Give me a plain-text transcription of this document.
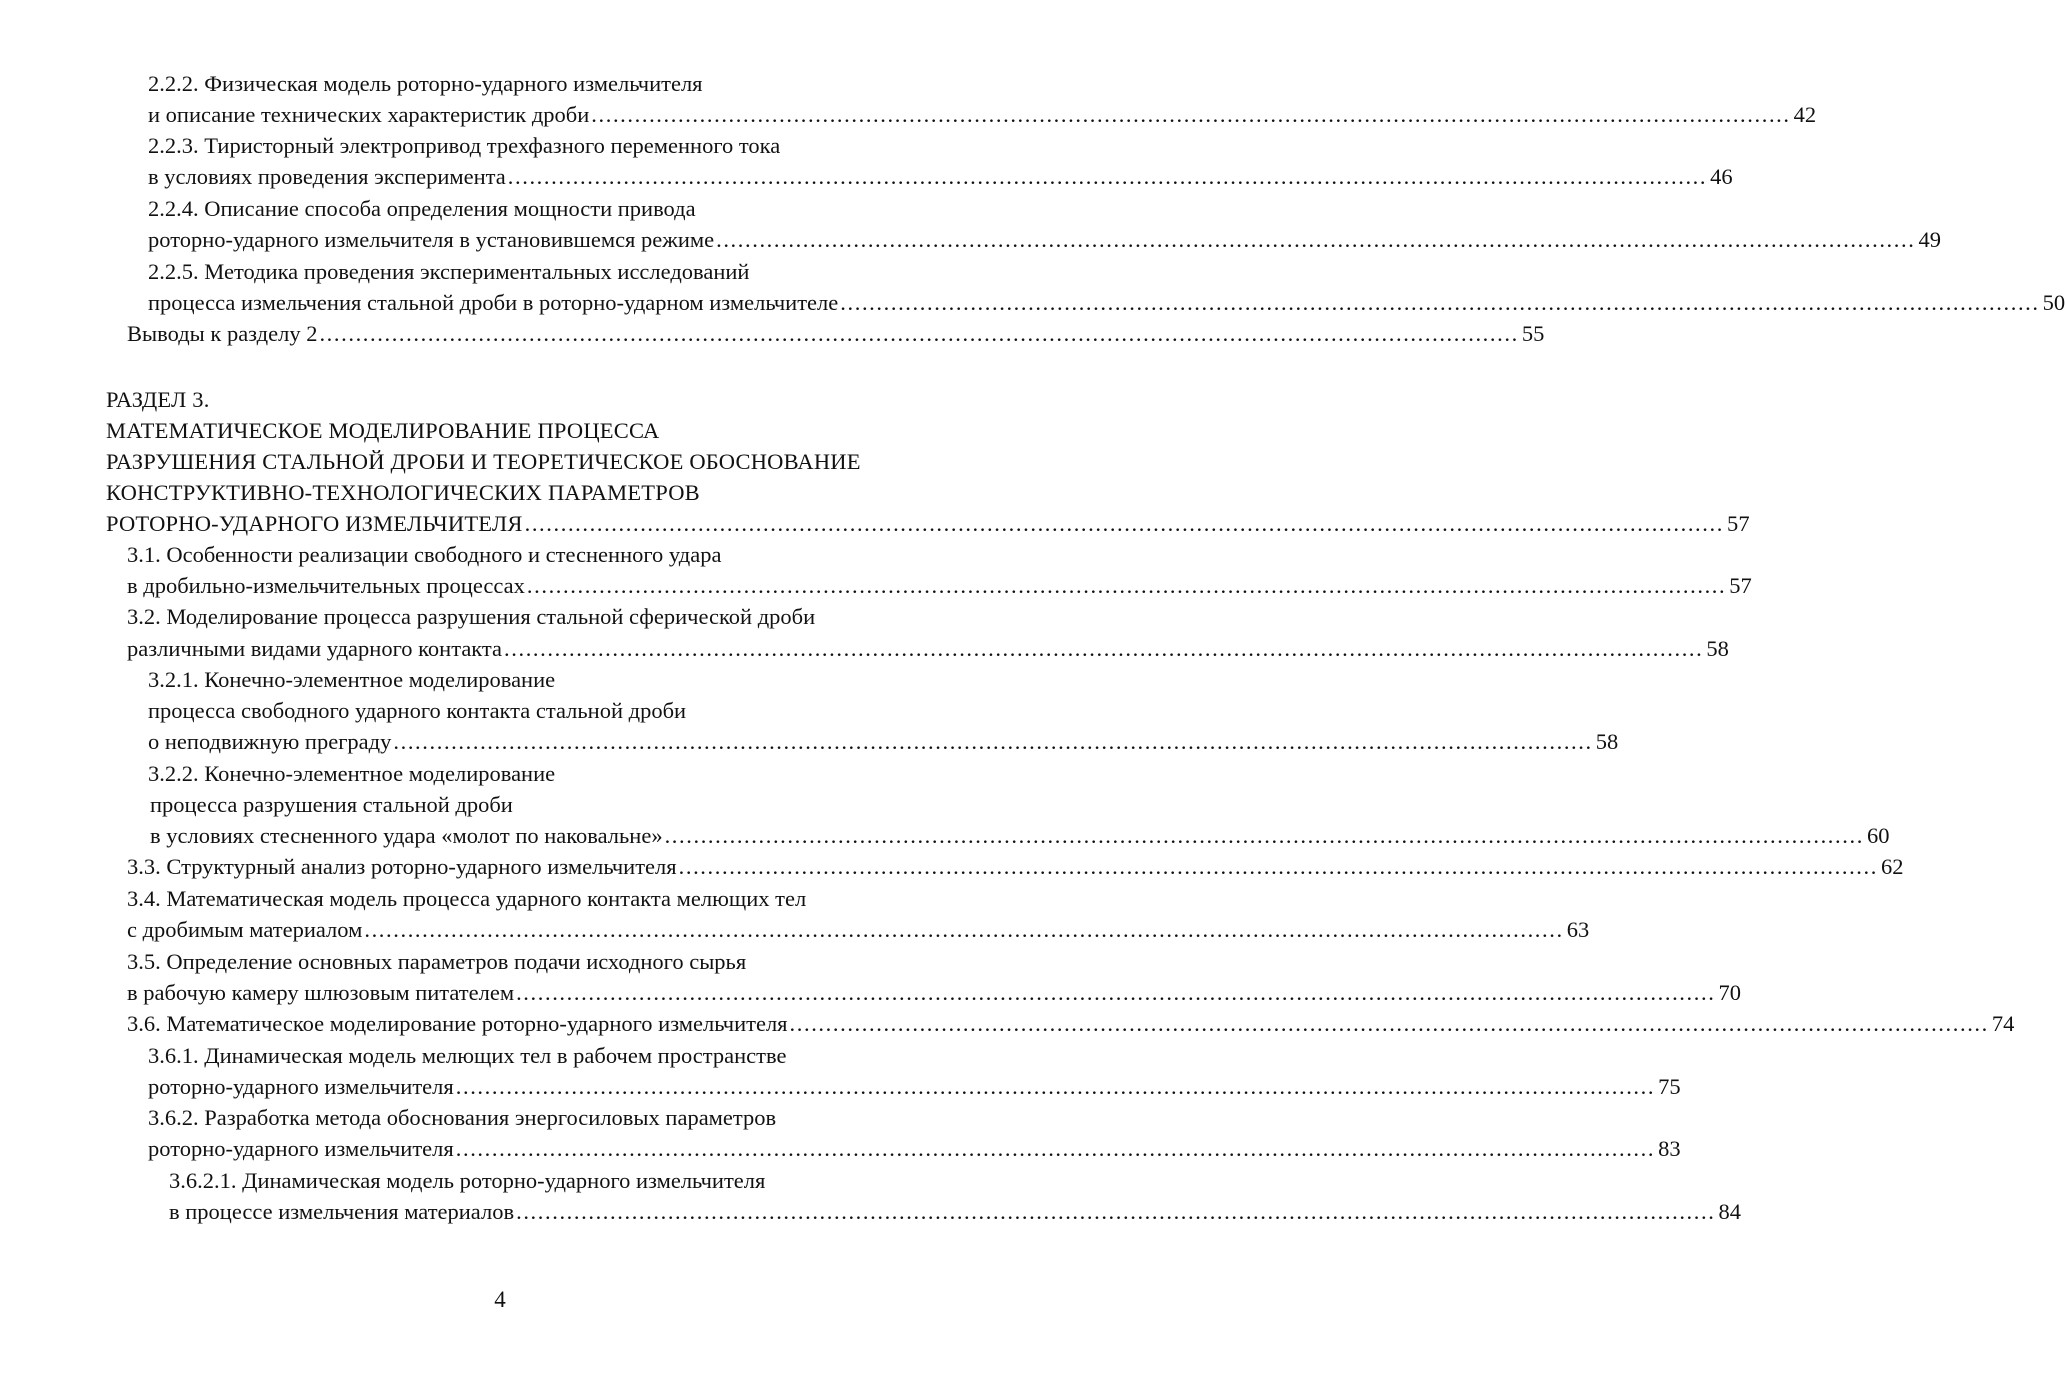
2.2.2. Физическая модель роторно-ударного измельчителя
и описание технических характеристик дроби ...................................................................................................................................................................... 42
2.2.3. Тиристорный электропривод трехфазного переменного тока
в условиях проведения эксперимента ...................................................................................................................................................................... 46
2.2.4. Описание способа определения мощности привода
роторно-ударного измельчителя в установившемся режиме ...................................................................................................................................................................... 49
2.2.5. Методика проведения экспериментальных исследований
процесса измельчения стальной дроби в роторно-ударном измельчителе ...................................................................................................................................................................... 50
Выводы к разделу 2 ...................................................................................................................................................................... 55
РАЗДЕЛ 3.
МАТЕМАТИЧЕСКОЕ МОДЕЛИРОВАНИЕ ПРОЦЕССА
РАЗРУШЕНИЯ СТАЛЬНОЙ ДРОБИ И ТЕОРЕТИЧЕСКОЕ ОБОСНОВАНИЕ
КОНСТРУКТИВНО-ТЕХНОЛОГИЧЕСКИХ ПАРАМЕТРОВ
РОТОРНО-УДАРНОГО ИЗМЕЛЬЧИТЕЛЯ ...................................................................................................................................................................... 57
3.1. Особенности реализации свободного и стесненного удара
в дробильно-измельчительных процессах ...................................................................................................................................................................... 57
3.2. Моделирование процесса разрушения стальной сферической дроби
различными видами ударного контакта ...................................................................................................................................................................... 58
3.2.1. Конечно-элементное моделирование
процесса свободного ударного контакта стальной дроби
о неподвижную преграду ...................................................................................................................................................................... 58
3.2.2. Конечно-элементное моделирование
процесса разрушения стальной дроби
в условиях стесненного удара «молот по наковальне» ...................................................................................................................................................................... 60
3.3. Структурный анализ роторно-ударного измельчителя ...................................................................................................................................................................... 62
3.4. Математическая модель процесса ударного контакта мелющих тел
с дробимым материалом ...................................................................................................................................................................... 63
3.5. Определение основных параметров подачи исходного сырья
в рабочую камеру шлюзовым питателем ...................................................................................................................................................................... 70
3.6. Математическое моделирование роторно-ударного измельчителя ...................................................................................................................................................................... 74
3.6.1. Динамическая модель мелющих тел в рабочем пространстве
роторно-ударного измельчителя ...................................................................................................................................................................... 75
3.6.2. Разработка метода обоснования энергосиловых параметров
роторно-ударного измельчителя ...................................................................................................................................................................... 83
3.6.2.1. Динамическая модель роторно-ударного измельчителя
в процессе измельчения материалов ...................................................................................................................................................................... 84
4
